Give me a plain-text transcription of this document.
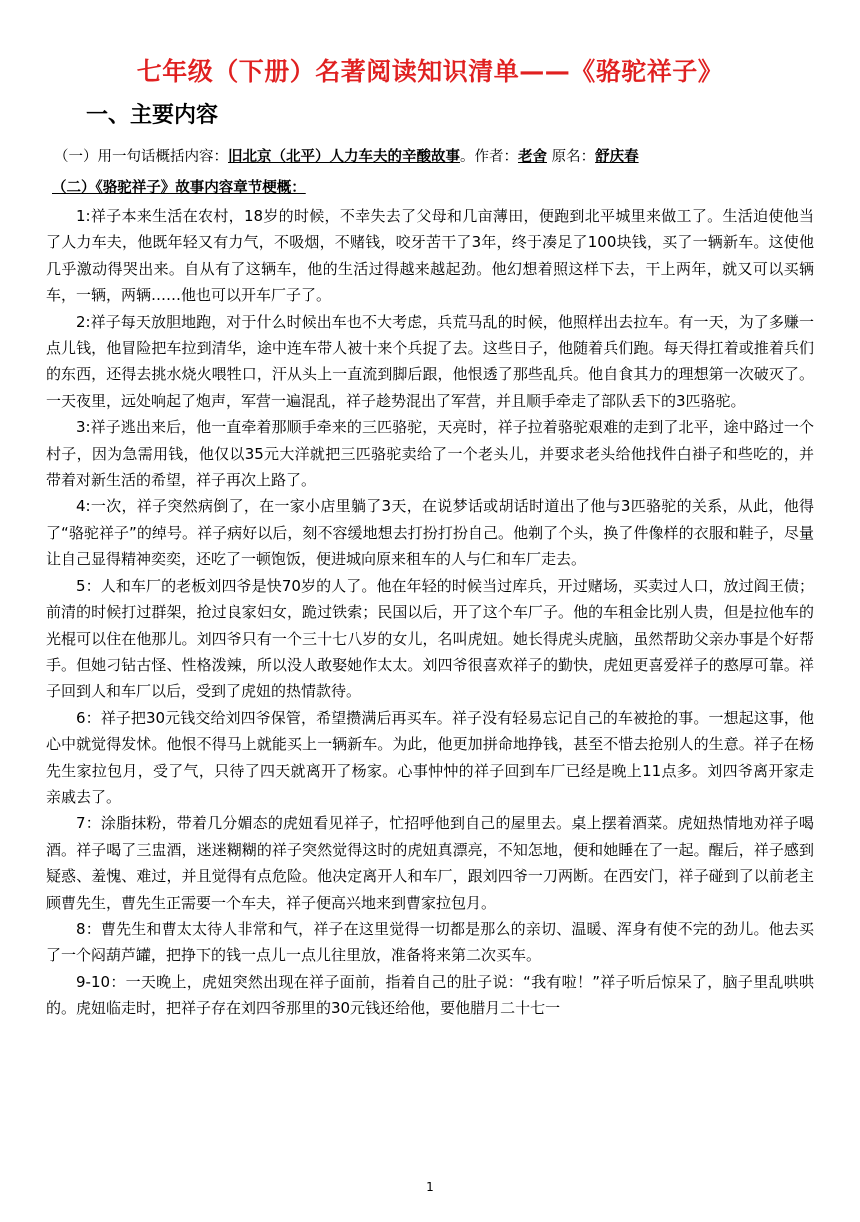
七年级（下册）名著阅读知识清单——《骆驼祥子》
一、主要内容
（一）用一句话概括内容：旧北京（北平）人力车夫的辛酸故事。作者：老舍 原名：舒庆春
（二）《骆驼祥子》故事内容章节梗概：

1:祥子本来生活在农村，18岁的时候，不幸失去了父母和几亩薄田，便跑到北平城里来做工了。生活迫使他当了人力车夫，他既年轻又有力气，不吸烟，不赌钱，咬牙苦干了3年，终于凑足了100块钱，买了一辆新车。这使他几乎激动得哭出来。自从有了这辆车，他的生活过得越来越起劲。他幻想着照这样下去，干上两年，就又可以买辆车，一辆，两辆……他也可以开车厂子了。

2:祥子每天放胆地跑，对于什么时候出车也不大考虑，兵荒马乱的时候，他照样出去拉车。有一天，为了多赚一点儿钱，他冒险把车拉到清华，途中连车带人被十来个兵捉了去。这些日子，他随着兵们跑。每天得扛着或推着兵们的东西，还得去挑水烧火喂牲口，汗从头上一直流到脚后跟，他恨透了那些乱兵。他自食其力的理想第一次破灭了。一天夜里，远处响起了炮声，军营一遍混乱，祥子趁势混出了军营，并且顺手牵走了部队丢下的3匹骆驼。

3:祥子逃出来后，他一直牵着那顺手牵来的三匹骆驼，天亮时，祥子拉着骆驼艰难的走到了北平，途中路过一个村子，因为急需用钱，他仅以35元大洋就把三匹骆驼卖给了一个老头儿，并要求老头给他找件白褂子和些吃的，并带着对新生活的希望，祥子再次上路了。

4:一次，祥子突然病倒了，在一家小店里躺了3天，在说梦话或胡话时道出了他与3匹骆驼的关系，从此，他得了“骆驼祥子”的绰号。祥子病好以后，刻不容缓地想去打扮打扮自己。他剃了个头，换了件像样的衣服和鞋子，尽量让自己显得精神奕奕，还吃了一顿饱饭，便进城向原来租车的人与仁和车厂走去。

5：人和车厂的老板刘四爷是快70岁的人了。他在年轻的时候当过库兵，开过赌场，买卖过人口，放过阎王债；前清的时候打过群架，抢过良家妇女，跪过铁索；民国以后，开了这个车厂子。他的车租金比别人贵，但是拉他车的光棍可以住在他那儿。刘四爷只有一个三十七八岁的女儿，名叫虎妞。她长得虎头虎脑，虽然帮助父亲办事是个好帮手。但她刁钻古怪、性格泼辣，所以没人敢娶她作太太。刘四爷很喜欢祥子的勤快，虎妞更喜爱祥子的憨厚可靠。祥子回到人和车厂以后，受到了虎妞的热情款待。

6：祥子把30元钱交给刘四爷保管，希望攒满后再买车。祥子没有轻易忘记自己的车被抢的事。一想起这事，他心中就觉得发怵。他恨不得马上就能买上一辆新车。为此，他更加拼命地挣钱，甚至不惜去抢别人的生意。祥子在杨先生家拉包月，受了气，只待了四天就离开了杨家。心事忡忡的祥子回到车厂已经是晚上11点多。刘四爷离开家走亲戚去了。

7：涂脂抹粉，带着几分媚态的虎妞看见祥子，忙招呼他到自己的屋里去。桌上摆着酒菜。虎妞热情地劝祥子喝酒。祥子喝了三盅酒，迷迷糊糊的祥子突然觉得这时的虎妞真漂亮，不知怎地，便和她睡在了一起。醒后，祥子感到疑惑、羞愧、难过，并且觉得有点危险。他决定离开人和车厂，跟刘四爷一刀两断。在西安门，祥子碰到了以前老主顾曹先生，曹先生正需要一个车夫，祥子便高兴地来到曹家拉包月。

8：曹先生和曹太太待人非常和气，祥子在这里觉得一切都是那么的亲切、温暖、浑身有使不完的劲儿。他去买了一个闷葫芦罐，把挣下的钱一点儿一点儿往里放，准备将来第二次买车。

9-10：一天晚上，虎妞突然出现在祥子面前，指着自己的肚子说：“我有啦！”祥子听后惊呆了，脑子里乱哄哄的。虎妞临走时，把祥子存在刘四爷那里的30元钱还给他，要他腊月二十七一

1
